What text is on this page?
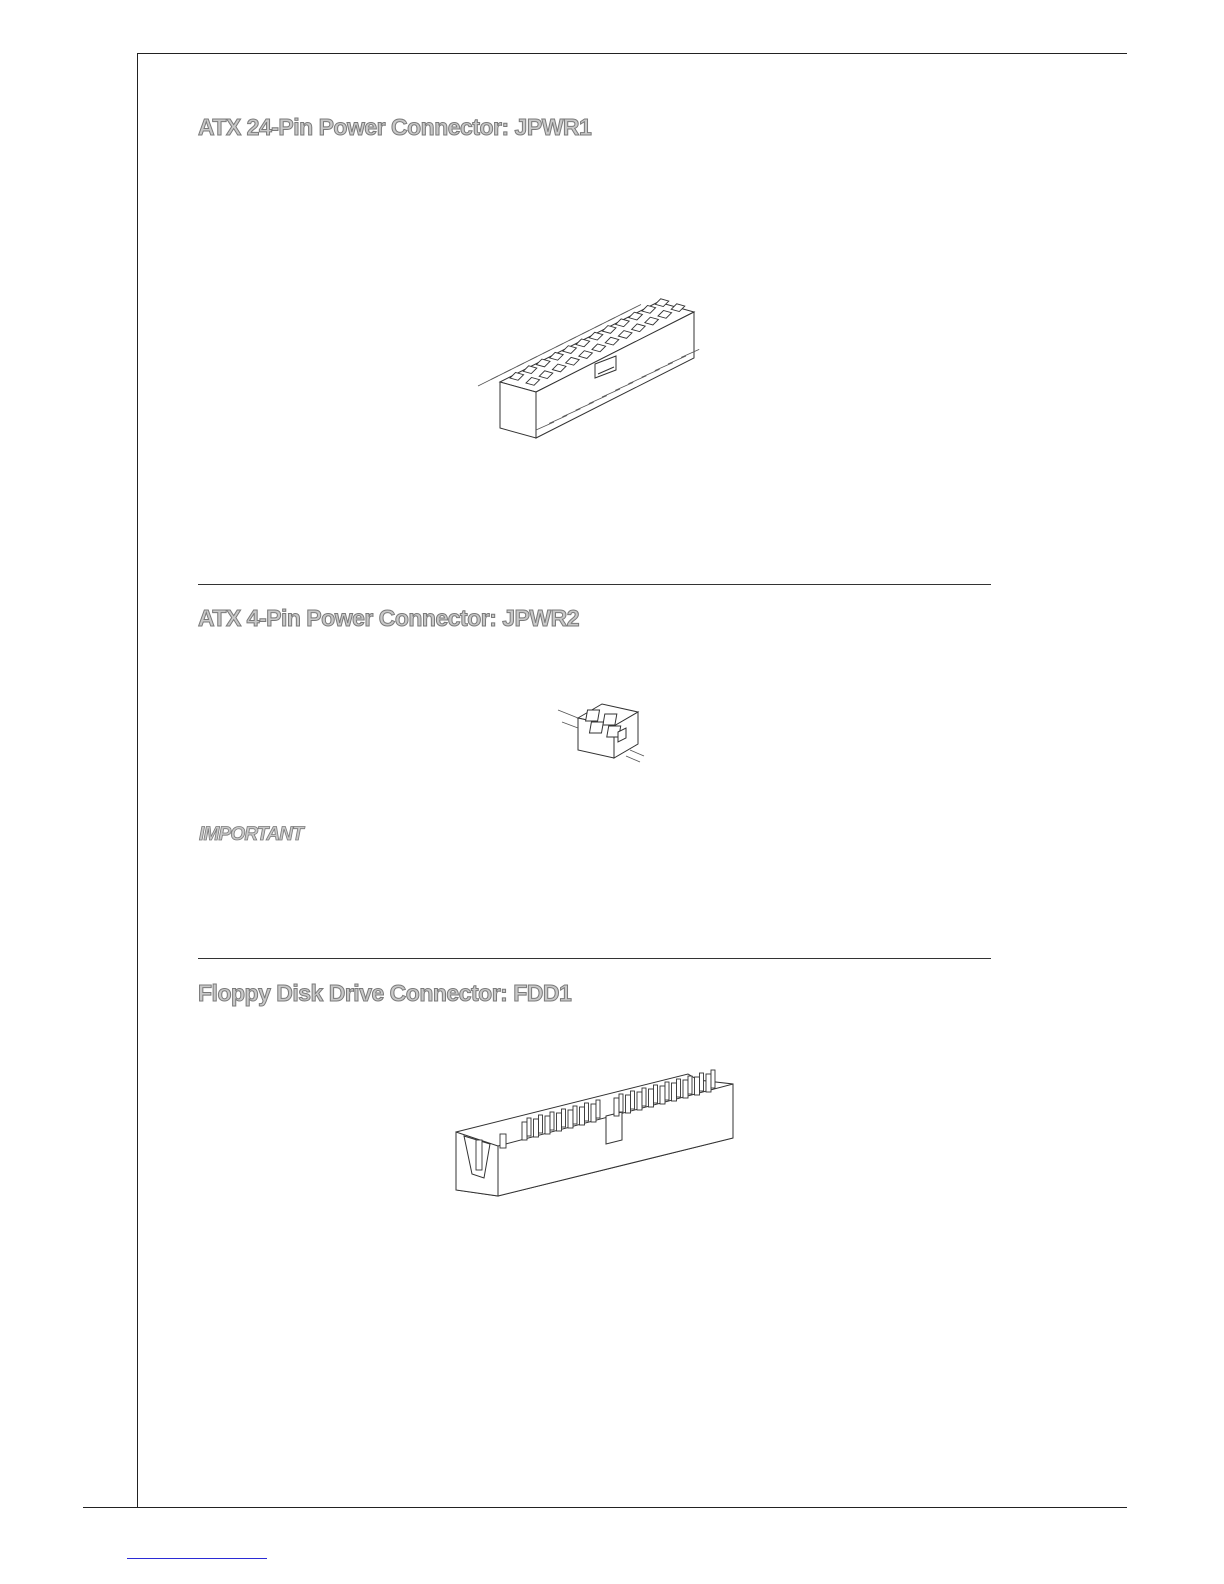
ATX 24-Pin Power Connector: JPWR1
ATX 4-Pin Power Connector: JPWR2
IMPORTANT
Floppy Disk Drive Connector: FDD1
